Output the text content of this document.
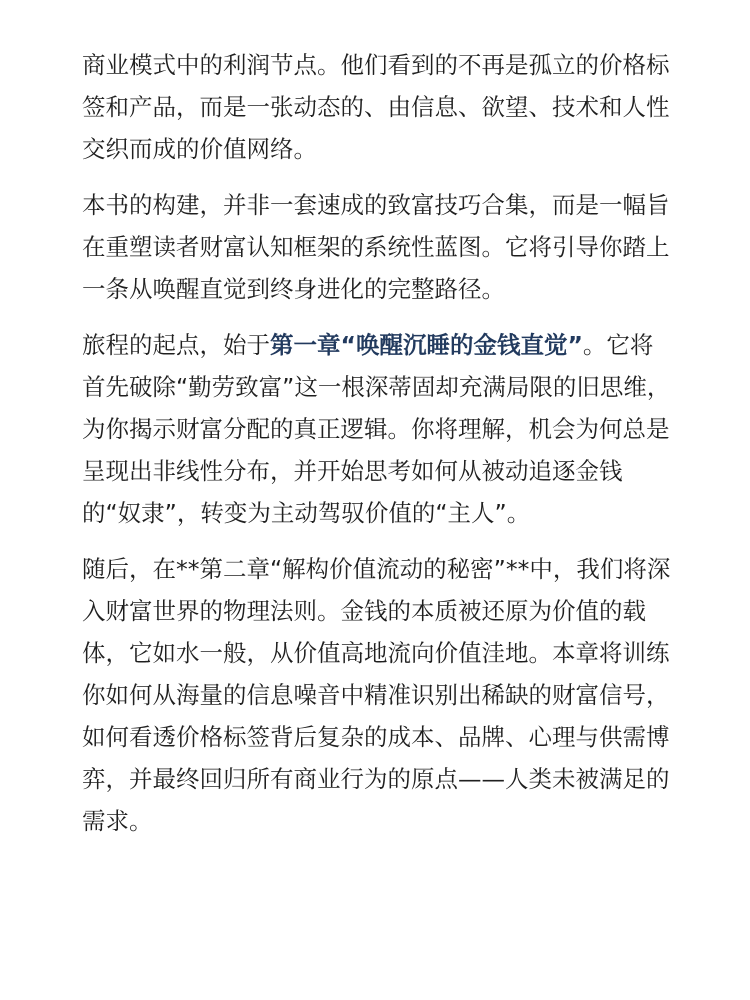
商业模式中的利润节点。他们看到的不再是孤立的价格标签和产品，而是一张动态的、由信息、欲望、技术和人性交织而成的价值网络。

本书的构建，并非一套速成的致富技巧合集，而是一幅旨在重塑读者财富认知框架的系统性蓝图。它将引导你踏上一条从唤醒直觉到终身进化的完整路径。

旅程的起点，始于第一章“唤醒沉睡的金钱直觉”。它将首先破除“勤劳致富”这一根深蒂固却充满局限的旧思维，为你揭示财富分配的真正逻辑。你将理解，机会为何总是呈现出非线性分布，并开始思考如何从被动追逐金钱的“奴隶”，转变为主动驾驭价值的“主人”。

随后，在**第二章“解构价值流动的秘密”**中，我们将深入财富世界的物理法则。金钱的本质被还原为价值的载体，它如水一般，从价值高地流向价值洼地。本章将训练你如何从海量的信息噪音中精准识别出稀缺的财富信号，如何看透价格标签背后复杂的成本、品牌、心理与供需博弈，并最终回归所有商业行为的原点——人类未被满足的需求。
